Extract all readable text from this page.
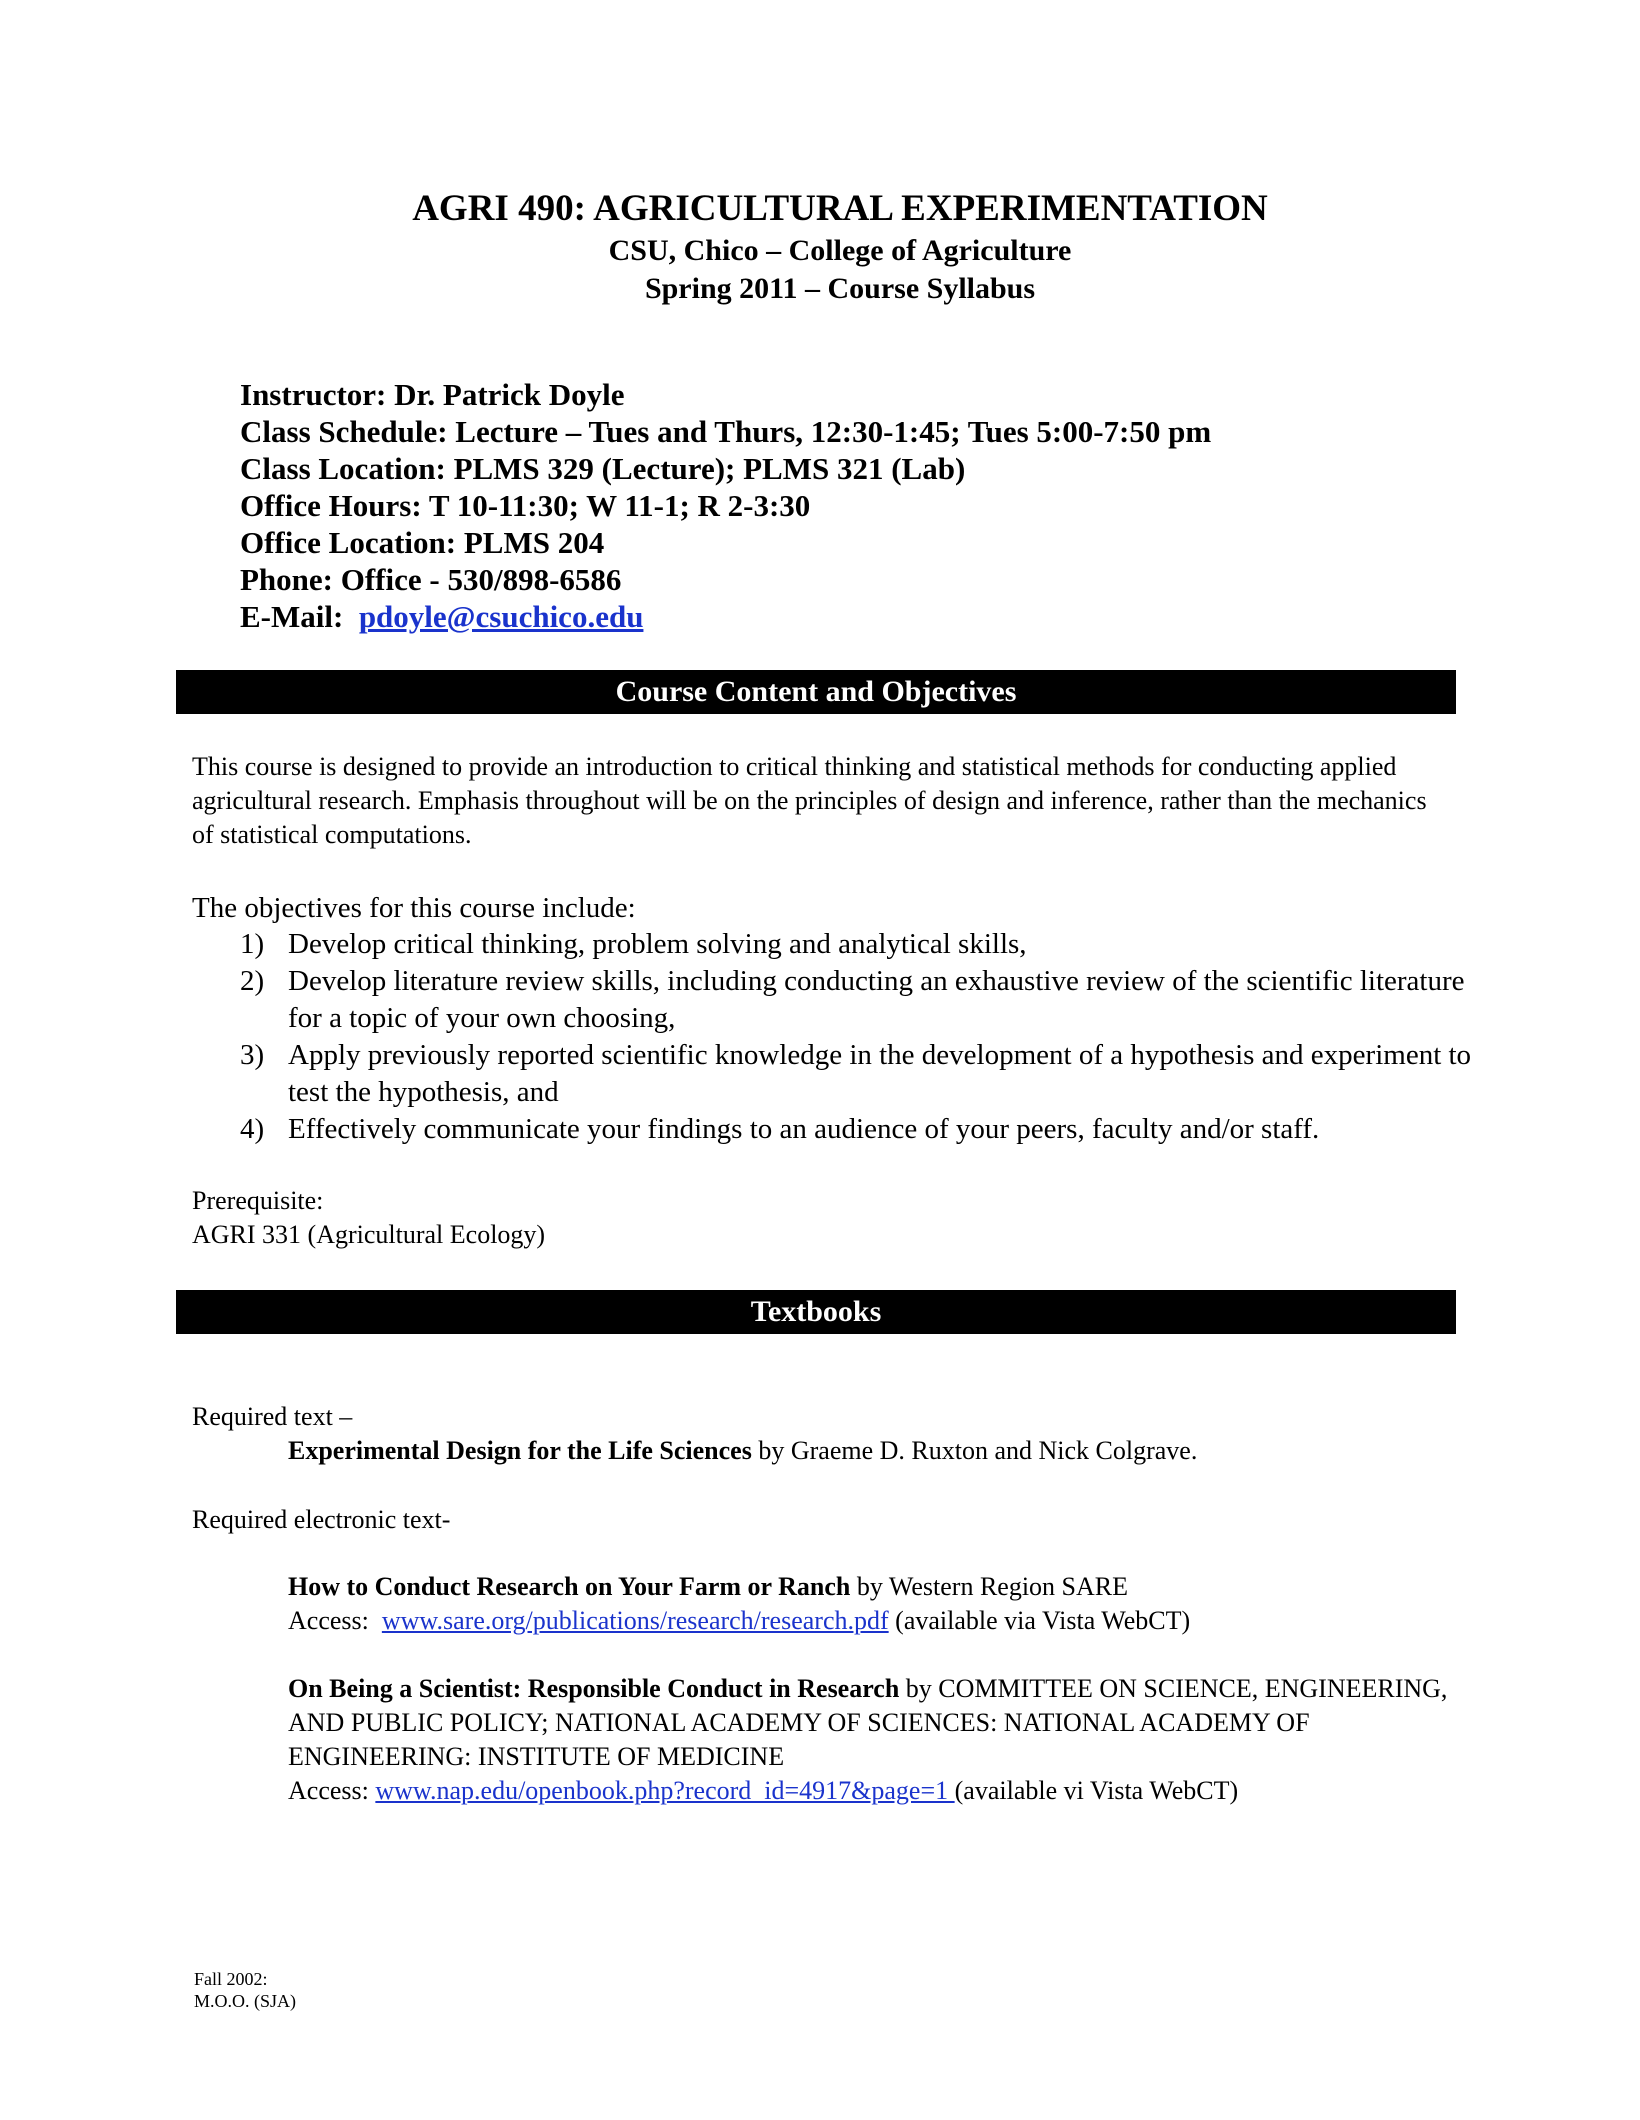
AGRI 490: AGRICULTURAL EXPERIMENTATION
CSU, Chico – College of Agriculture
Spring 2011 – Course Syllabus
Instructor: Dr. Patrick Doyle
Class Schedule: Lecture – Tues and Thurs, 12:30-1:45; Tues 5:00-7:50 pm
Class Location: PLMS 329 (Lecture); PLMS 321 (Lab)
Office Hours: T 10-11:30; W 11-1; R 2-3:30
Office Location: PLMS 204
Phone: Office - 530/898-6586
E-Mail:  pdoyle@csuchico.edu
Course Content and Objectives
This course is designed to provide an introduction to critical thinking and statistical methods for conducting applied agricultural research. Emphasis throughout will be on the principles of design and inference, rather than the mechanics of statistical computations.
The objectives for this course include:
1) Develop critical thinking, problem solving and analytical skills,
2) Develop literature review skills, including conducting an exhaustive review of the scientific literature for a topic of your own choosing,
3) Apply previously reported scientific knowledge in the development of a hypothesis and experiment to test the hypothesis, and
4) Effectively communicate your findings to an audience of your peers, faculty and/or staff.
Prerequisite:
AGRI 331 (Agricultural Ecology)
Textbooks
Required text –
Experimental Design for the Life Sciences by Graeme D. Ruxton and Nick Colgrave.
Required electronic text-
How to Conduct Research on Your Farm or Ranch by Western Region SARE
Access:  www.sare.org/publications/research/research.pdf (available via Vista WebCT)
On Being a Scientist: Responsible Conduct in Research by COMMITTEE ON SCIENCE, ENGINEERING, AND PUBLIC POLICY; NATIONAL ACADEMY OF SCIENCES: NATIONAL ACADEMY OF ENGINEERING: INSTITUTE OF MEDICINE
Access: www.nap.edu/openbook.php?record_id=4917&page=1 (available vi Vista WebCT)
Fall 2002:
M.O.O. (SJA)
